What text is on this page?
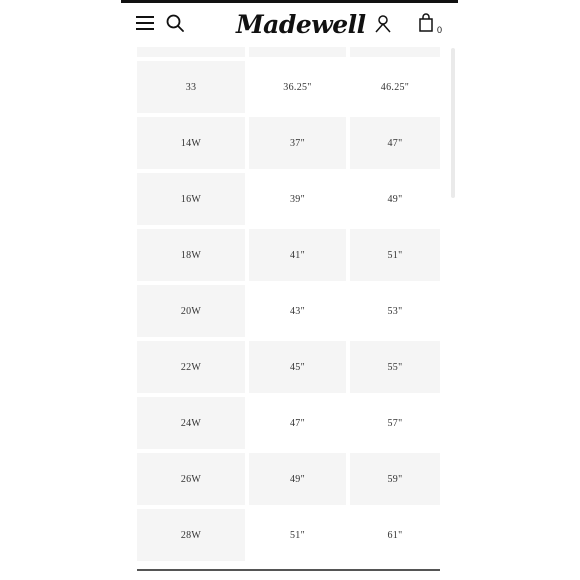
Madewell	0
33	36.25"	46.25"
14W	37"	47"
16W	39"	49"
18W	41"	51"
20W	43"	53"
22W	45"	55"
24W	47"	57"
26W	49"	59"
28W	51"	61"
